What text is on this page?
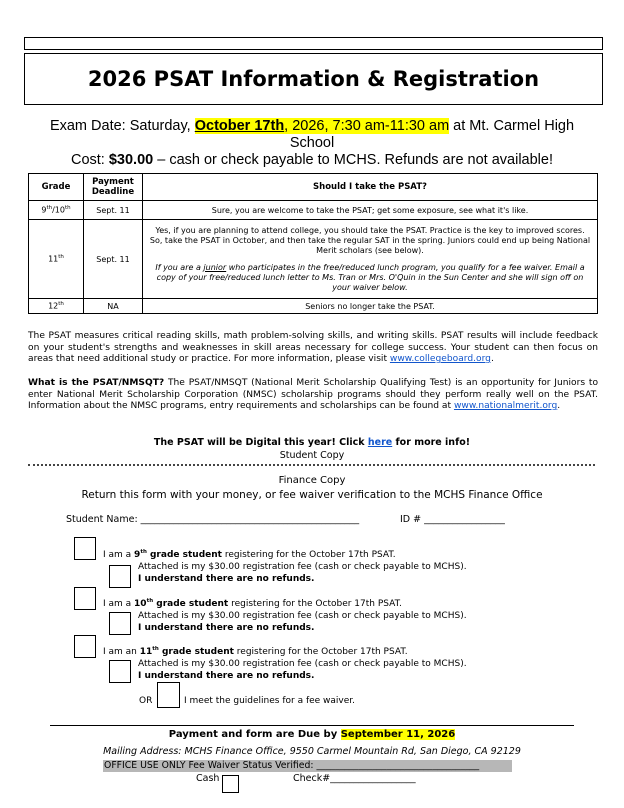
2026 PSAT Information & Registration
Exam Date: Saturday, October 17th, 2026, 7:30 am-11:30 am at Mt. Carmel High
School
Cost: $30.00 – cash or check payable to MCHS. Refunds are not available!
Grade	Payment Deadline	Should I take the PSAT?
9th/10th	Sept. 11	Sure, you are welcome to take the PSAT; get some exposure, see what it's like.
11th	Sept. 11	Yes, if you are planning to attend college, you should take the PSAT. Practice is the key to improved scores. So, take the PSAT in October, and then take the regular SAT in the spring. Juniors could end up being National Merit scholars (see below).
If you are a junior who participates in the free/reduced lunch program, you qualify for a fee waiver. Email a copy of your free/reduced lunch letter to Ms. Tran or Mrs. O'Quin in the Sun Center and she will sign off on your waiver below.

12th	NA	Seniors no longer take the PSAT.
The PSAT measures critical reading skills, math problem-solving skills, and writing skills. PSAT results will include feedback on your student's strengths and weaknesses in skill areas necessary for college success. Your student can then focus on areas that need additional study or practice. For more information, please visit www.collegeboard.org.
What is the PSAT/NMSQT? The PSAT/NMSQT (National Merit Scholarship Qualifying Test) is an opportunity for Juniors to enter National Merit Scholarship Corporation (NMSC) scholarship programs should they perform really well on the PSAT. Information about the NMSC programs, entry requirements and scholarships can be found at www.nationalmerit.org.
The PSAT will be Digital this year! Click here for more info!
Student Copy
Finance Copy
Return this form with your money, or fee waiver verification to the MCHS Finance Office
Student Name: ______________________________________________	ID # _________________
I am a 9th grade student registering for the October 17th PSAT.
Attached is my $30.00 registration fee (cash or check payable to MCHS).
I understand there are no refunds.
I am a 10th grade student registering for the October 17th PSAT.
Attached is my $30.00 registration fee (cash or check payable to MCHS).
I understand there are no refunds.
I am an 11th grade student registering for the October 17th PSAT.
Attached is my $30.00 registration fee (cash or check payable to MCHS).
I understand there are no refunds.
OR	I meet the guidelines for a fee waiver.
Payment and form are Due by September 11, 2026
Mailing Address: MCHS Finance Office, 9550 Carmel Mountain Rd, San Diego, CA 92129
OFFICE USE ONLY Fee Waiver Status Verified: ___________________________________
Cash	Check#__________________
